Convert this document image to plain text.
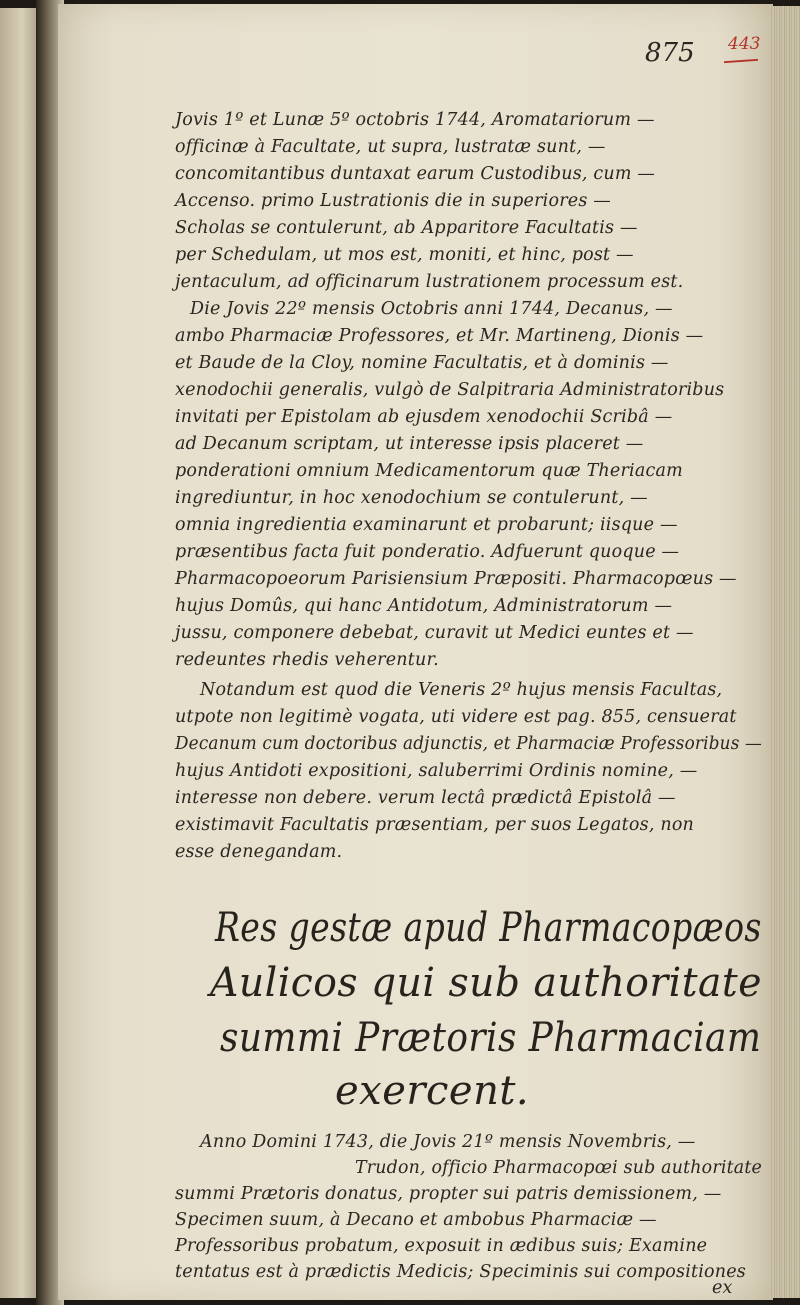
875 443
Jovis 1º et Lunæ 5º octobris 1744, Aromatariorum —
officinæ à Facultate, ut supra, lustratæ sunt, —
concomitantibus duntaxat earum Custodibus, cum —
Accenso. primo Lustrationis die in superiores —
Scholas se contulerunt, ab Apparitore Facultatis —
per Schedulam, ut mos est, moniti, et hinc, post —
jentaculum, ad officinarum lustrationem processum est.
Die Jovis 22º mensis Octobris anni 1744, Decanus, —
ambo Pharmaciæ Professores, et Mr. Martineng, Dionis —
et Baude de la Cloy, nomine Facultatis, et à dominis —
xenodochii generalis, vulgò de Salpitraria Administratoribus
invitati per Epistolam ab ejusdem xenodochii Scribâ —
ad Decanum scriptam, ut interesse ipsis placeret —
ponderationi omnium Medicamentorum quæ Theriacam
ingrediuntur, in hoc xenodochium se contulerunt, —
omnia ingredientia examinarunt et probarunt; iisque —
præsentibus facta fuit ponderatio. Adfuerunt quoque —
Pharmacopoeorum Parisiensium Præpositi. Pharmacopœus —
hujus Domûs, qui hanc Antidotum, Administratorum —
jussu, componere debebat, curavit ut Medici euntes et —
redeuntes rhedis veherentur.
Notandum est quod die Veneris 2º hujus mensis Facultas,
utpote non legitimè vogata, uti videre est pag. 855, censuerat
Decanum cum doctoribus adjunctis, et Pharmaciæ Professoribus —
hujus Antidoti expositioni, saluberrimi Ordinis nomine, —
interesse non debere. verum lectâ prædictâ Epistolâ —
existimavit Facultatis præsentiam, per suos Legatos, non
esse denegandam.
Res gestæ apud Pharmacopæos
Aulicos qui sub authoritate
summi Prætoris Pharmaciam
exercent.
Anno Domini 1743, die Jovis 21º mensis Novembris, —
Trudon, officio Pharmacopœi sub authoritate
summi Prætoris donatus, propter sui patris demissionem, —
Specimen suum, à Decano et ambobus Pharmaciæ —
Professoribus probatum, exposuit in ædibus suis; Examine
tentatus est à prædictis Medicis; Speciminis sui compositiones
ex
